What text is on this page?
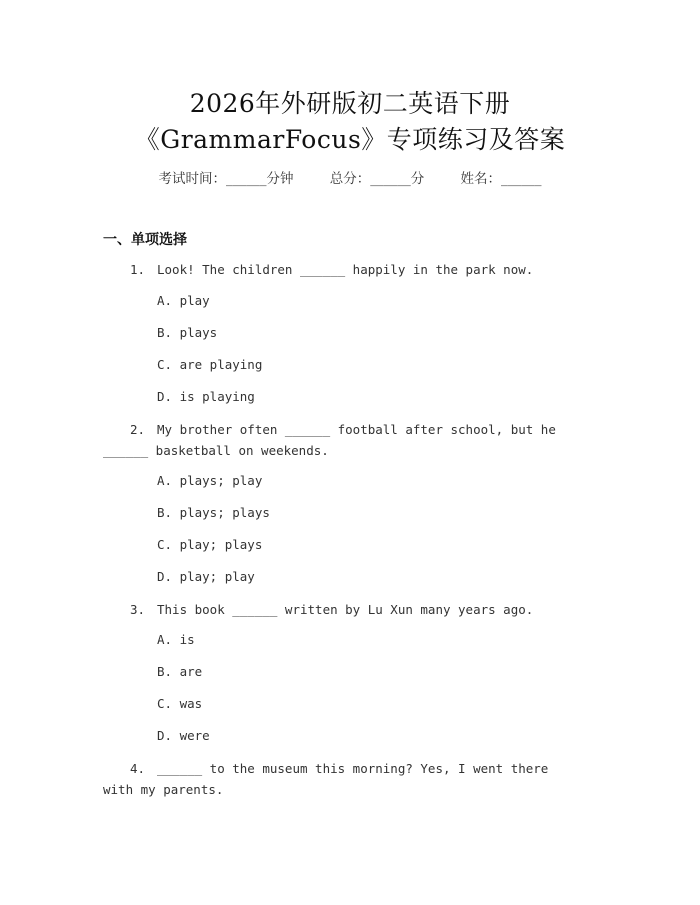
2026年外研版初二英语下册
《GrammarFocus》专项练习及答案
考试时间：______分钟	总分：______分	姓名：______
一、单项选择
1. Look! The children ______ happily in the park now.
A. play
B. plays
C. are playing
D. is playing
2. My brother often ______ football after school, but he ______ basketball on weekends.
A. plays; play
B. plays; plays
C. play; plays
D. play; play
3. This book ______ written by Lu Xun many years ago.
A. is
B. are
C. was
D. were
4. ______ to the museum this morning? Yes, I went there with my parents.
